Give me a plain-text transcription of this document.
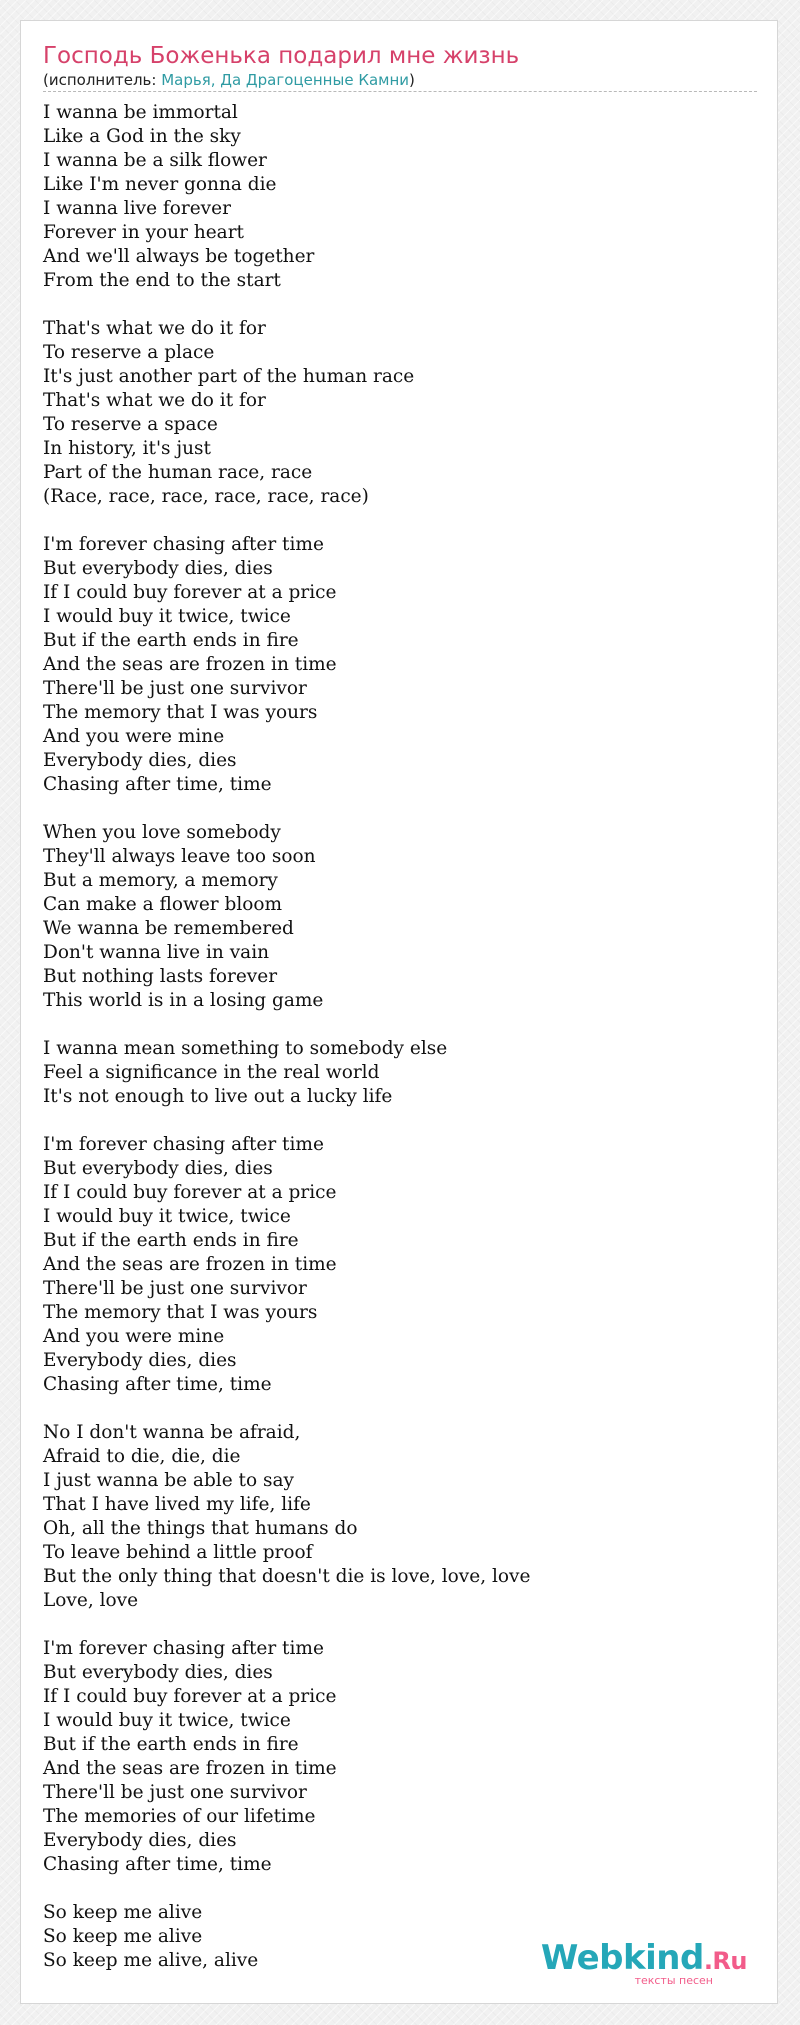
Господь Боженька подарил мне жизнь
(исполнитель: Марья, Да Драгоценные Камни)
I wanna be immortal
Like a God in the sky
I wanna be a silk flower
Like I'm never gonna die
I wanna live forever
Forever in your heart
And we'll always be together
From the end to the start
That's what we do it for
To reserve a place
It's just another part of the human race
That's what we do it for
To reserve a space
In history, it's just
Part of the human race, race
(Race, race, race, race, race, race)
I'm forever chasing after time
But everybody dies, dies
If I could buy forever at a price
I would buy it twice, twice
But if the earth ends in fire
And the seas are frozen in time
There'll be just one survivor
The memory that I was yours
And you were mine
Everybody dies, dies
Chasing after time, time
When you love somebody
They'll always leave too soon
But a memory, a memory
Can make a flower bloom
We wanna be remembered
Don't wanna live in vain
But nothing lasts forever
This world is in a losing game
I wanna mean something to somebody else
Feel a significance in the real world
It's not enough to live out a lucky life
I'm forever chasing after time
But everybody dies, dies
If I could buy forever at a price
I would buy it twice, twice
But if the earth ends in fire
And the seas are frozen in time
There'll be just one survivor
The memory that I was yours
And you were mine
Everybody dies, dies
Chasing after time, time
No I don't wanna be afraid,
Afraid to die, die, die
I just wanna be able to say
That I have lived my life, life
Oh, all the things that humans do
To leave behind a little proof
But the only thing that doesn't die is love, love, love
Love, love
I'm forever chasing after time
But everybody dies, dies
If I could buy forever at a price
I would buy it twice, twice
But if the earth ends in fire
And the seas are frozen in time
There'll be just one survivor
The memories of our lifetime
Everybody dies, dies
Chasing after time, time
So keep me alive
So keep me alive
So keep me alive, alive	Webkind.Ru
тексты песен
